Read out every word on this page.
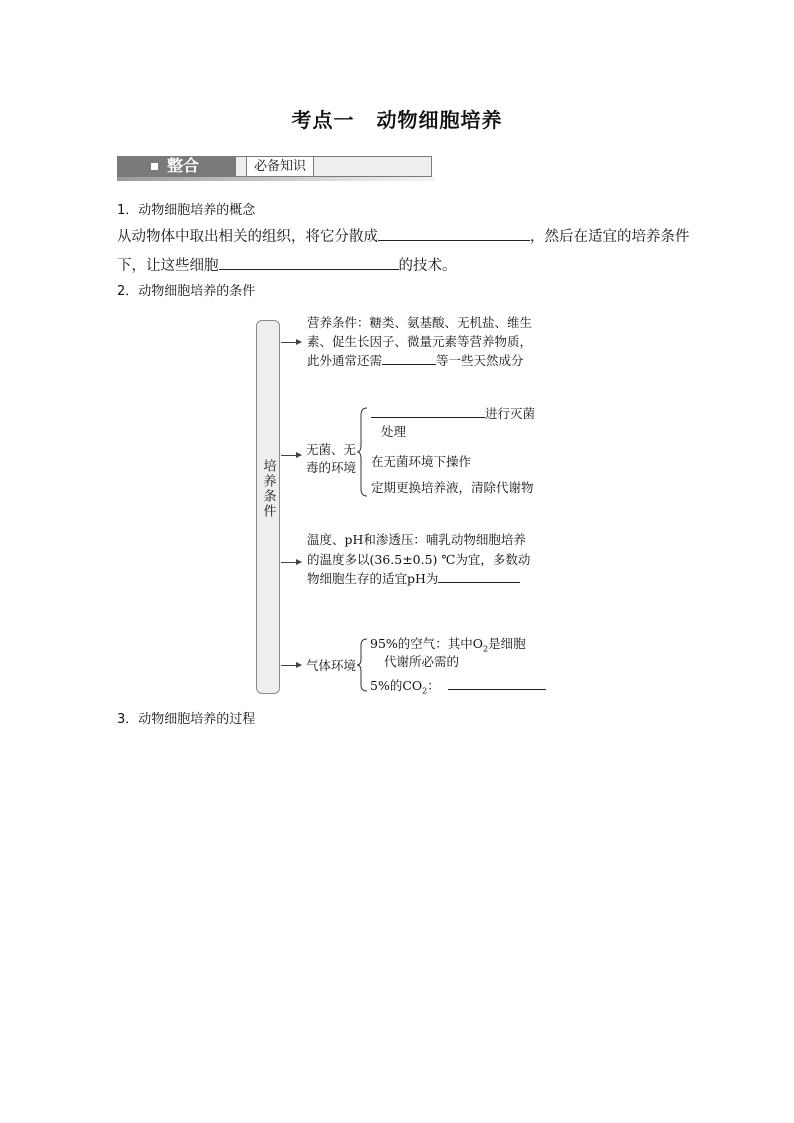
考点一 动物细胞培养
整合	必备知识
1．动物细胞培养的概念
从动物体中取出相关的组织，将它分散成	，然后在适宜的培养条件
下，让这些细胞	的技术。
2．动物细胞培养的条件
培养条件
营养条件：糖类、氨基酸、无机盐、维生
素、促生长因子、微量元素等营养物质，
此外通常还需	等一些天然成分
无菌、无
毒的环境
进行灭菌
处理
在无菌环境下操作
定期更换培养液，清除代谢物
温度、pH和渗透压：哺乳动物细胞培养
的温度多以(36.5±0.5) ℃为宜，多数动
物细胞生存的适宜pH为
气体环境
95%的空气：其中$O_2$是细胞
代谢所必需的
5%的$CO_2$：
3．动物细胞培养的过程
